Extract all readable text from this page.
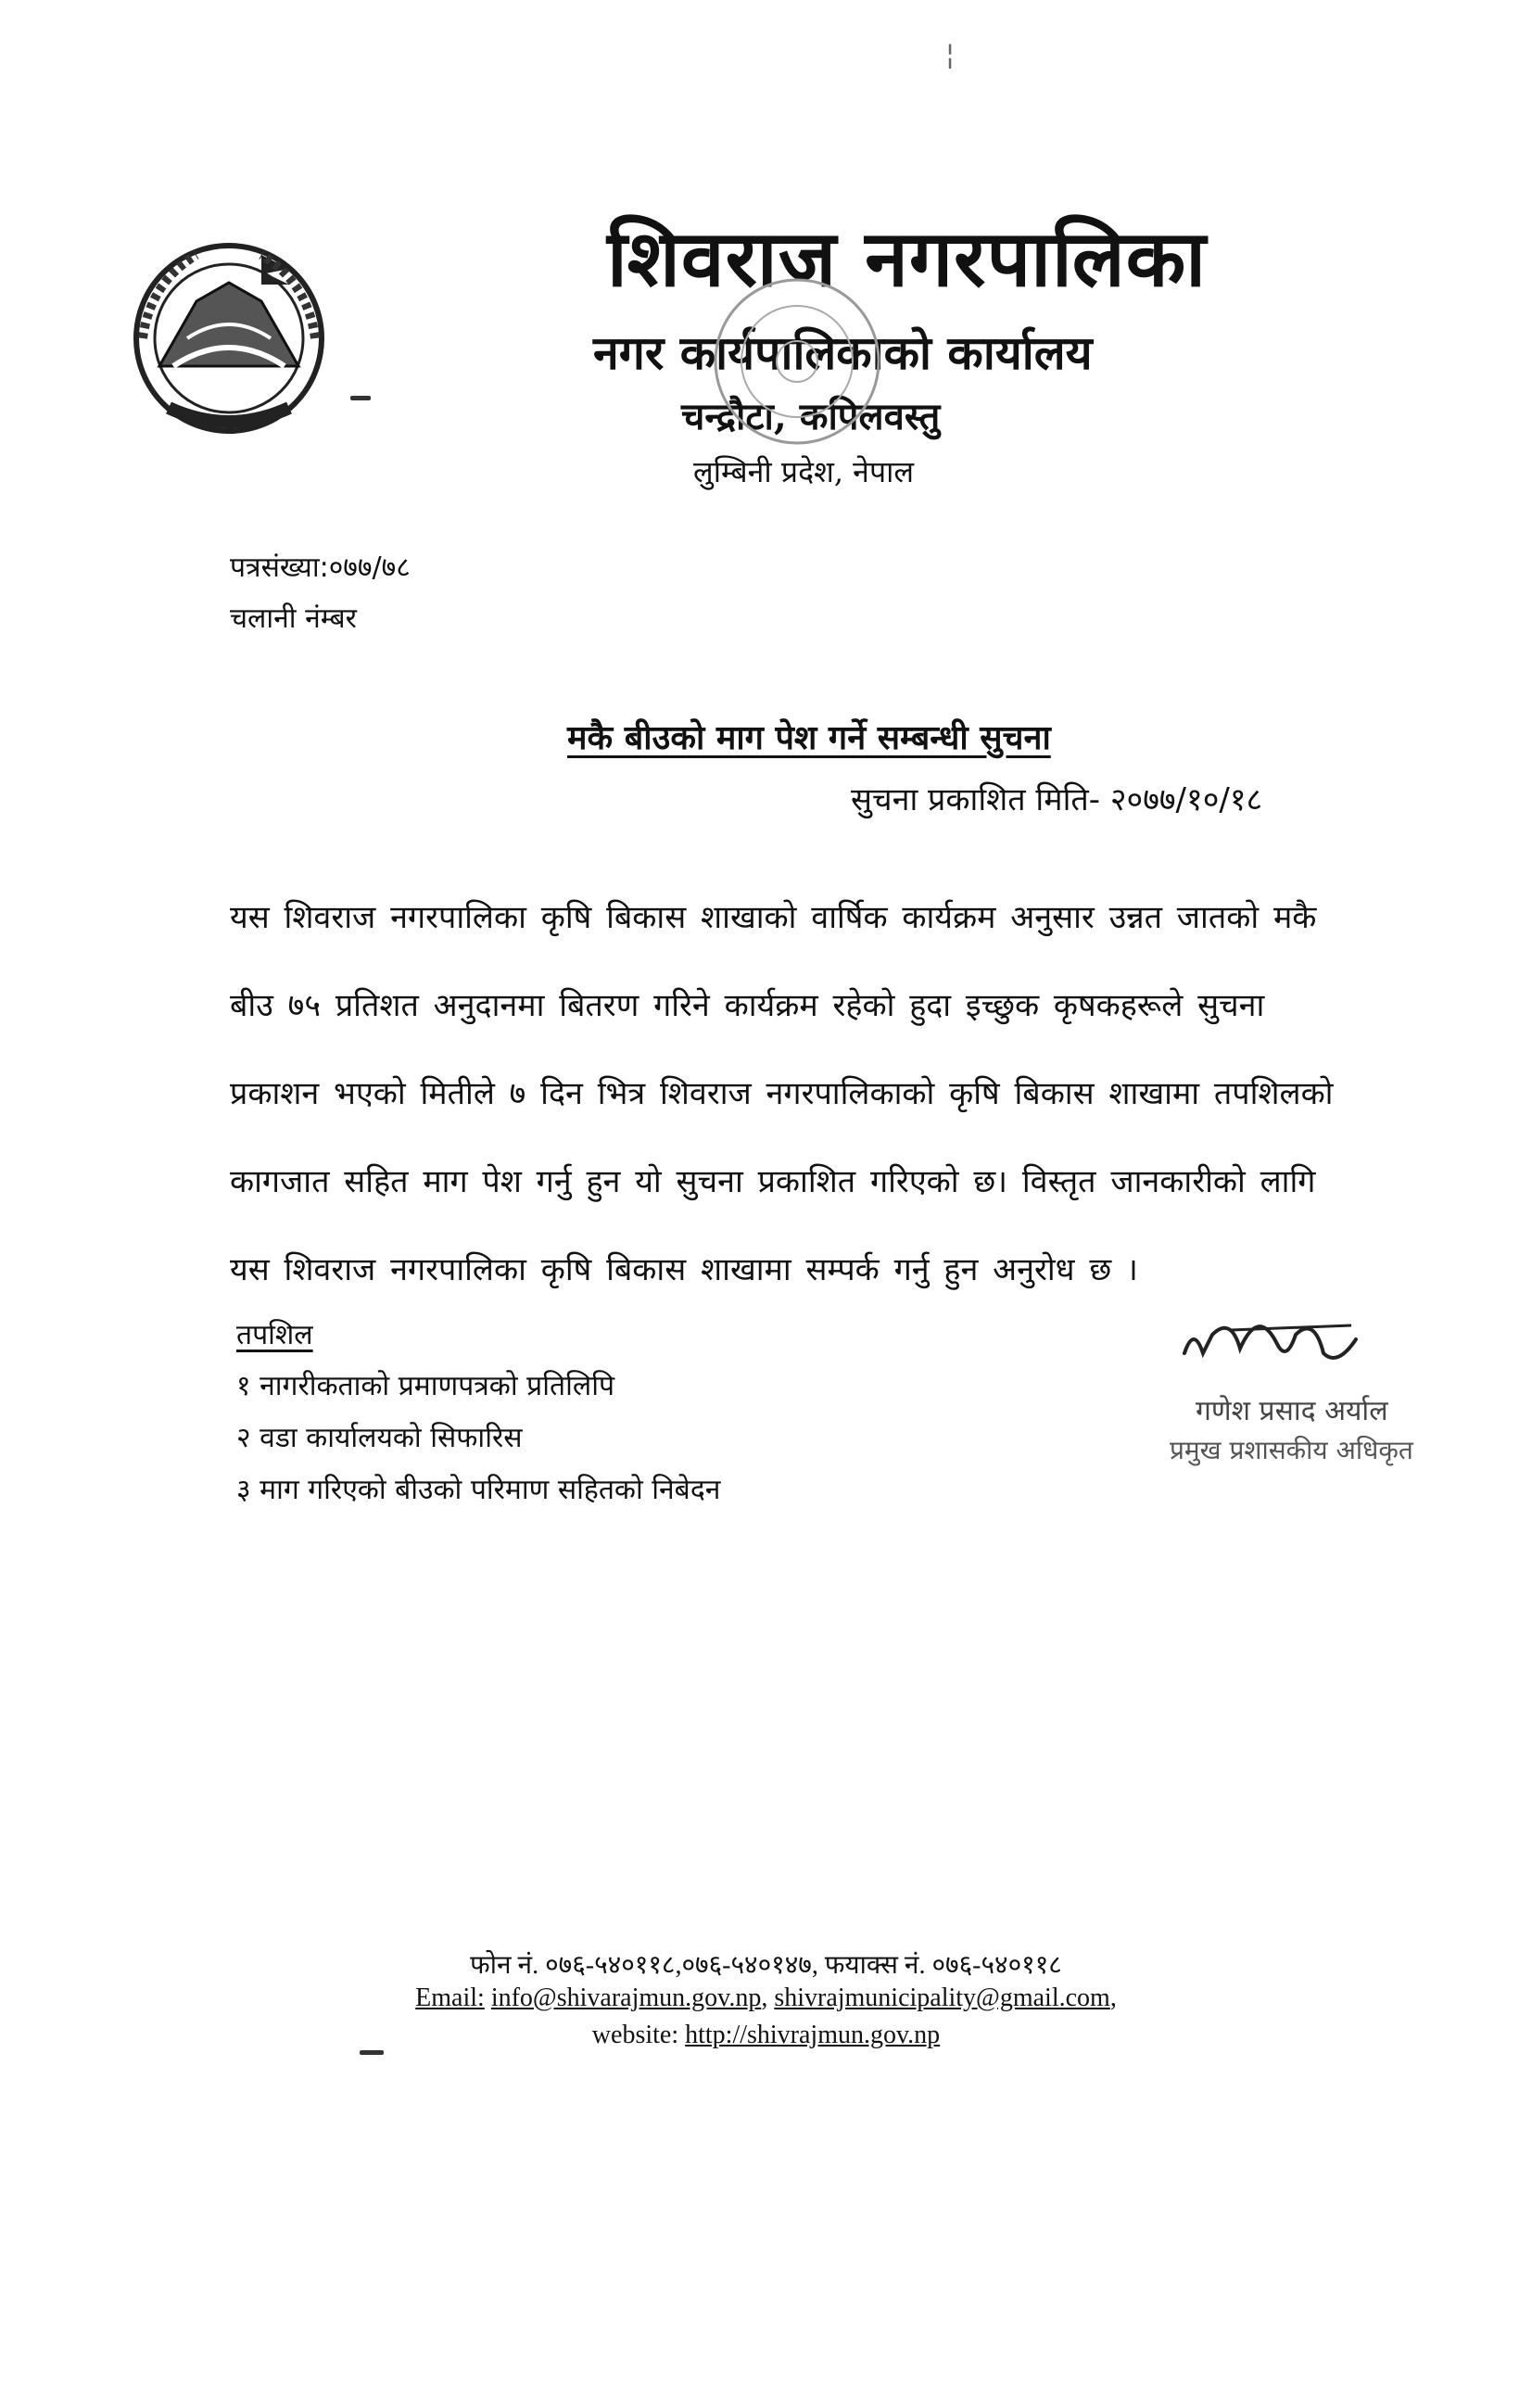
¦
शिवराज नगरपालिका
नगर कार्यपालिकाको कार्यालय
चन्द्रौटा, कपिलवस्तु
लुम्बिनी प्रदेश, नेपाल
पत्रसंख्या:०७७/७८
चलानी नंम्बर
मकै बीउको माग पेश गर्ने सम्बन्धी सुचना
सुचना प्रकाशित मिति- २०७७/१०/१८
यस शिवराज नगरपालिका कृषि बिकास शाखाको वार्षिक कार्यक्रम अनुसार उन्नत जातको मकै
बीउ ७५ प्रतिशत अनुदानमा बितरण गरिने कार्यक्रम रहेको हुदा इच्छुक कृषकहरूले सुचना
प्रकाशन भएको मितीले ७ दिन भित्र शिवराज नगरपालिकाको कृषि बिकास शाखामा तपशिलको
कागजात सहित माग पेश गर्नु हुन यो सुचना प्रकाशित गरिएको छ। विस्तृत जानकारीको लागि
यस शिवराज नगरपालिका कृषि बिकास शाखामा सम्पर्क गर्नु हुन अनुरोध छ ।
तपशिल
१ नागरीकताको प्रमाणपत्रको प्रतिलिपि
२ वडा कार्यालयको सिफारिस
३ माग गरिएको बीउको परिमाण सहितको निबेदन
गणेश प्रसाद अर्याल
प्रमुख प्रशासकीय अधिकृत
फोन नं. ०७६-५४०११८,०७६-५४०१४७, फयाक्स नं. ०७६-५४०११८
Email: info@shivarajmun.gov.np, shivrajmunicipality@gmail.com,
website: http://shivrajmun.gov.np
